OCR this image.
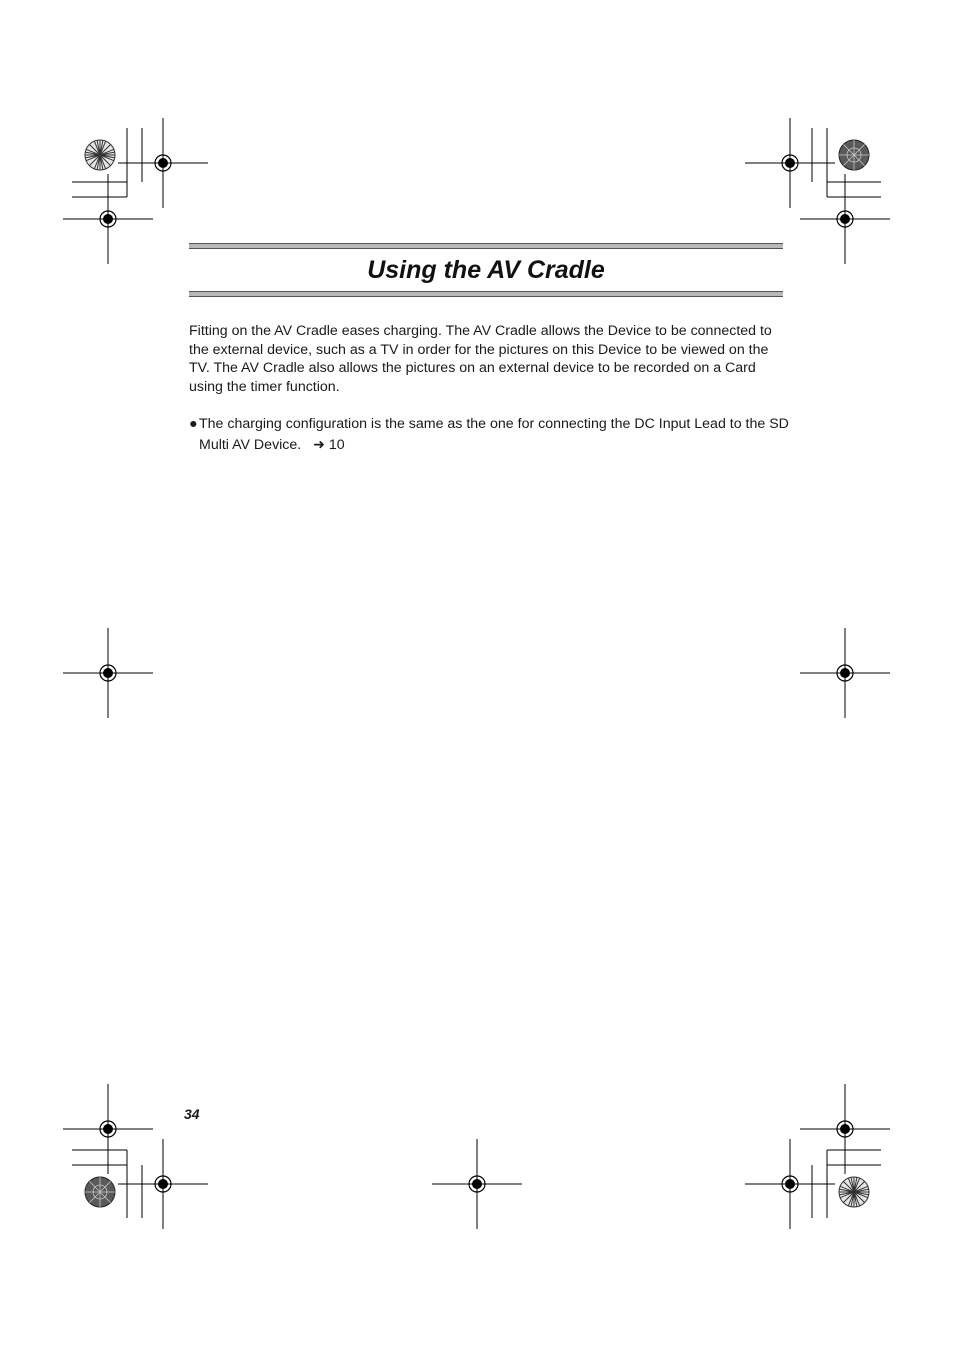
Using the AV Cradle

Fitting on the AV Cradle eases charging. The AV Cradle allows the Device to be connected to the external device, such as a TV in order for the pictures on this Device to be viewed on the TV. The AV Cradle also allows the pictures on an external device to be recorded on a Card using the timer function.

● The charging configuration is the same as the one for connecting the DC Input Lead to the SD Multi AV Device. ➜ 10

34
